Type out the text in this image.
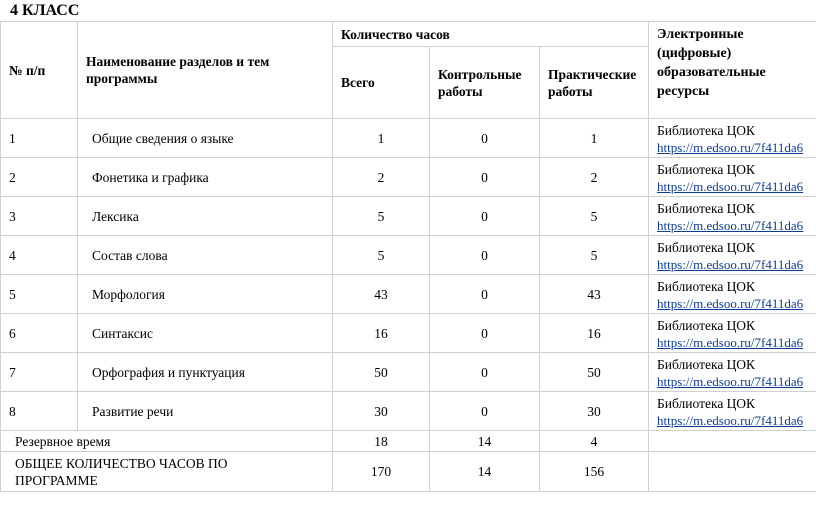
4 КЛАСС
№ п/п	Наименование разделов и тем программы	Количество часов			Электронные (цифровые) образовательные ресурсы
		Всего	Контрольные работы	Практические работы	
1	Общие сведения о языке	1	0	1	Библиотека ЦОК
https://m.edsoo.ru/7f411da6
2	Фонетика и графика	2	0	2	Библиотека ЦОК
https://m.edsoo.ru/7f411da6
3	Лексика	5	0	5	Библиотека ЦОК
https://m.edsoo.ru/7f411da6
4	Состав слова	5	0	5	Библиотека ЦОК
https://m.edsoo.ru/7f411da6
5	Морфология	43	0	43	Библиотека ЦОК
https://m.edsoo.ru/7f411da6
6	Синтаксис	16	0	16	Библиотека ЦОК
https://m.edsoo.ru/7f411da6
7	Орфография и пунктуация	50	0	50	Библиотека ЦОК
https://m.edsoo.ru/7f411da6
8	Развитие речи	30	0	30	Библиотека ЦОК
https://m.edsoo.ru/7f411da6
Резервное время		18	14	4	
ОБЩЕЕ КОЛИЧЕСТВО ЧАСОВ ПО ПРОГРАММЕ		170	14	156	
